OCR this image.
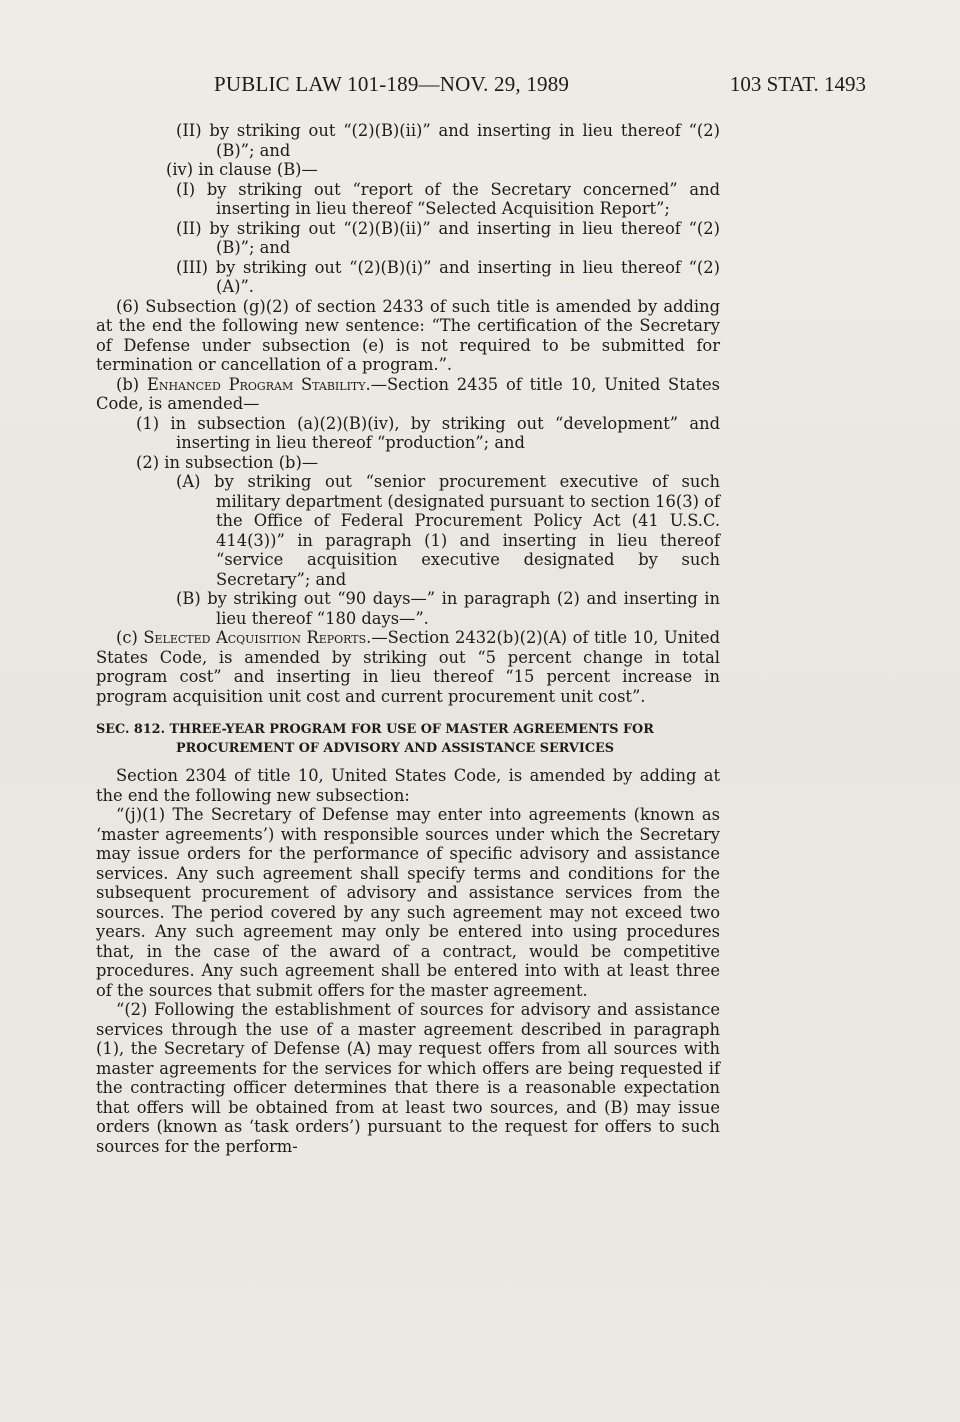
PUBLIC LAW 101-189—NOV. 29, 1989	103 STAT. 1493

(II) by striking out “(2)(B)(ii)” and inserting in lieu thereof “(2)(B)”; and

(iv) in clause (B)—

(I) by striking out “report of the Secretary concerned” and inserting in lieu thereof “Selected Acquisition Report”;

(II) by striking out “(2)(B)(ii)” and inserting in lieu thereof “(2)(B)”; and

(III) by striking out “(2)(B)(i)” and inserting in lieu thereof “(2)(A)”.

(6) Subsection (g)(2) of section 2433 of such title is amended by adding at the end the following new sentence: “The certification of the Secretary of Defense under subsection (e) is not required to be submitted for termination or cancellation of a program.”.

(b) Enhanced Program Stability.—Section 2435 of title 10, United States Code, is amended—

(1) in subsection (a)(2)(B)(iv), by striking out “development” and inserting in lieu thereof “production”; and

(2) in subsection (b)—

(A) by striking out “senior procurement executive of such military department (designated pursuant to section 16(3) of the Office of Federal Procurement Policy Act (41 U.S.C. 414(3))” in paragraph (1) and inserting in lieu thereof “service acquisition executive designated by such Secretary”; and

(B) by striking out “90 days—” in paragraph (2) and inserting in lieu thereof “180 days—”.

(c) Selected Acquisition Reports.—Section 2432(b)(2)(A) of title 10, United States Code, is amended by striking out “5 percent change in total program cost” and inserting in lieu thereof “15 percent increase in program acquisition unit cost and current procurement unit cost”.

SEC. 812. THREE-YEAR PROGRAM FOR USE OF MASTER AGREEMENTS FOR PROCUREMENT OF ADVISORY AND ASSISTANCE SERVICES

Section 2304 of title 10, United States Code, is amended by adding at the end the following new subsection:

“(j)(1) The Secretary of Defense may enter into agreements (known as ‘master agreements’) with responsible sources under which the Secretary may issue orders for the performance of specific advisory and assistance services. Any such agreement shall specify terms and conditions for the subsequent procurement of advisory and assistance services from the sources. The period covered by any such agreement may not exceed two years. Any such agreement may only be entered into using procedures that, in the case of the award of a contract, would be competitive procedures. Any such agreement shall be entered into with at least three of the sources that submit offers for the master agreement.

“(2) Following the establishment of sources for advisory and assistance services through the use of a master agreement described in paragraph (1), the Secretary of Defense (A) may request offers from all sources with master agreements for the services for which offers are being requested if the contracting officer determines that there is a reasonable expectation that offers will be obtained from at least two sources, and (B) may issue orders (known as ‘task orders’) pursuant to the request for offers to such sources for the perform-
